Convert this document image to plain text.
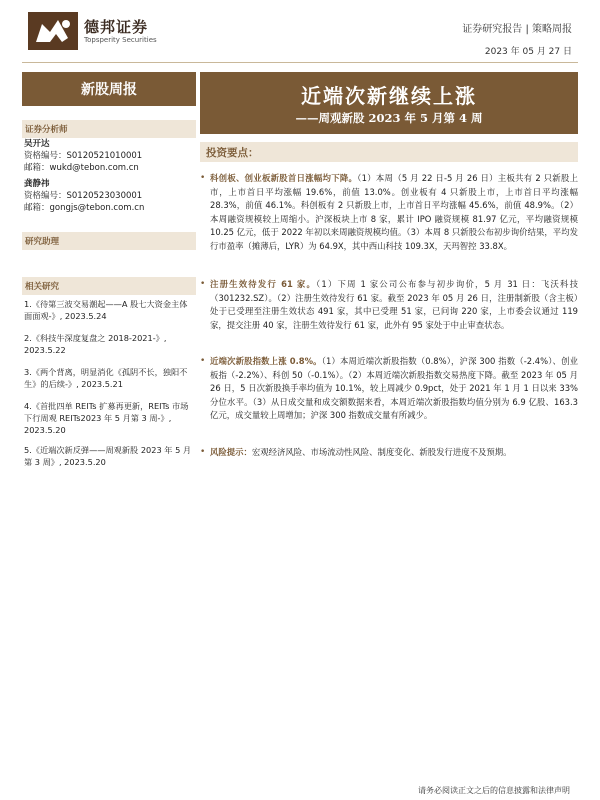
德邦证券
Topsperity Securities
证券研究报告 | 策略周报
2023 年 05 月 27 日
新股周报
证券分析师
吴开达
资格编号：S0120521010001
邮箱：wukd@tebon.com.cn
龚静祎
资格编号：S0120523030001
邮箱：gongjs@tebon.com.cn
研究助理
相关研究
1.《待第三波交易潮起——A 股七大资金主体面面观-》, 2023.5.24
2.《科技牛深度复盘之 2018-2021-》, 2023.5.22
3.《两个背离，明显消化《孤阴不长，独阳不生》的后续-》, 2023.5.21
4.《首批四单 REITs 扩募再更新，REITs 市场下行周观 REITs2023 年 5 月第 3 周-》, 2023.5.20
5.《近端次新反弹——周观新股 2023 年 5 月第 3 周》, 2023.5.20
近端次新继续上涨
——周观新股 2023 年 5 月第 4 周
投资要点：
• 科创板、创业板新股首日涨幅均下降。（1）本周（5 月 22 日-5 月 26 日）主板共有 2 只新股上市，上市首日平均涨幅 19.6%，前值 13.0%。创业板有 4 只新股上市，上市首日平均涨幅 28.3%，前值 46.1%。科创板有 2 只新股上市，上市首日平均涨幅 45.6%，前值 48.9%。（2）本周融资规模较上周缩小。沪深板块上市 8 家，累计 IPO 融资规模 81.97 亿元，平均融资规模 10.25 亿元，低于 2022 年初以来周融资规模均值。（3）本周 8 只新股公布初步询价结果，平均发行市盈率（摊薄后，LYR）为 64.9X，其中西山科技 109.3X，天玛智控 33.8X。
• 注册生效待发行 61 家。（1）下周 1 家公司公布参与初步询价，5 月 31 日：飞沃科技（301232.SZ）。（2）注册生效待发行 61 家。截至 2023 年 05 月 26 日，注册制新股（含主板）处于已受理至注册生效状态 491 家，其中已受理 51 家，已问询 220 家，上市委会议通过 119 家，提交注册 40 家，注册生效待发行 61 家，此外有 95 家处于中止审查状态。
• 近端次新股指数上涨 0.8%。（1）本周近端次新股指数（0.8%），沪深 300 指数（-2.4%）、创业板指（-2.2%）、科创 50（-0.1%）。（2）本周近端次新股指数交易热度下降。截至 2023 年 05 月 26 日，5 日次新股换手率均值为 10.1%，较上周减少 0.9pct，处于 2021 年 1 月 1 日以来 33%分位水平。（3）从日成交量和成交额数据来看，本周近端次新股指数均值分别为 6.9 亿股、163.3 亿元，成交量较上周增加；沪深 300 指数成交量有所减少。
• 风险提示：宏观经济风险、市场流动性风险、制度变化、新股发行进度不及预期。
请务必阅读正文之后的信息披露和法律声明
